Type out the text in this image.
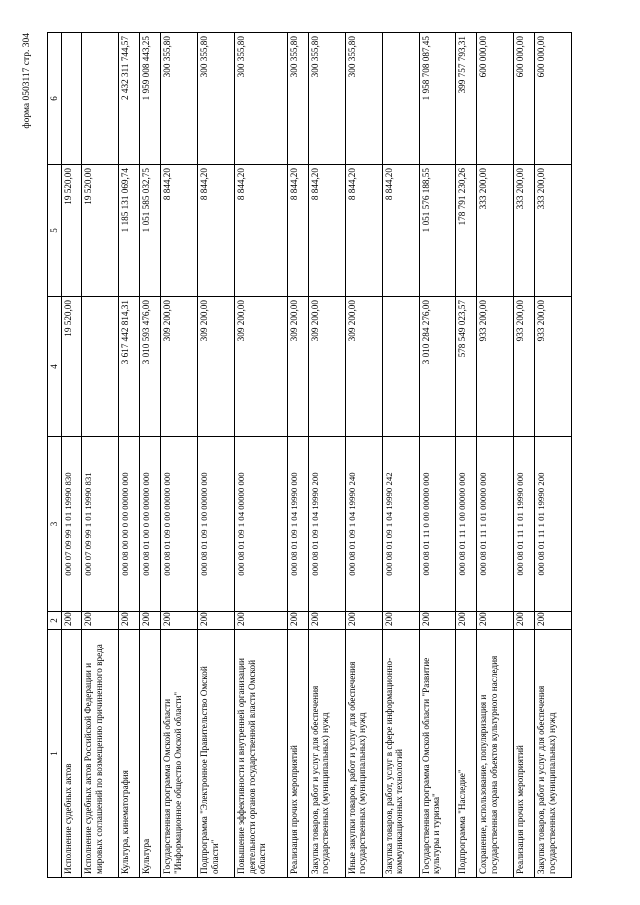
форма 0503117 стр. 304
1	2	3	4	5	6
Исполнение судебных актов	200	000 07 09 99 1 01 19990 830	19 520,00	19 520,00	
Исполнение судебных актов Российской Федерации и мировых соглашений по возмещению причиненного вреда	200	000 07 09 99 1 01 19990 831		19 520,00	
Культура, кинематография	200	000 08 00 00 0 00 00000 000	3 617 442 814,31	1 185 131 069,74	2 432 311 744,57
Культура	200	000 08 01 00 0 00 00000 000	3 010 593 476,00	1 051 585 032,75	1 959 008 443,25
Государственная программа Омской области "Информационное общество Омской области"	200	000 08 01 09 0 00 00000 000	309 200,00	8 844,20	300 355,80
Подпрограмма "Электронное Правительство Омской области"	200	000 08 01 09 1 00 00000 000	309 200,00	8 844,20	300 355,80
Повышение эффективности и внутренней организации деятельности органов государственной власти Омской области	200	000 08 01 09 1 04 00000 000	309 200,00	8 844,20	300 355,80
Реализация прочих мероприятий	200	000 08 01 09 1 04 19990 000	309 200,00	8 844,20	300 355,80
Закупка товаров, работ и услуг для обеспечения государственных (муниципальных) нужд	200	000 08 01 09 1 04 19990 200	309 200,00	8 844,20	300 355,80
Иные закупки товаров, работ и услуг для обеспечения государственных (муниципальных) нужд	200	000 08 01 09 1 04 19990 240	309 200,00	8 844,20	300 355,80
Закупка товаров, работ, услуг в сфере информационно-коммуникационных технологий	200	000 08 01 09 1 04 19990 242		8 844,20	
Государственная программа Омской области "Развитие культуры и туризма"	200	000 08 01 11 0 00 00000 000	3 010 284 276,00	1 051 576 188,55	1 958 708 087,45
Подпрограмма "Наследие"	200	000 08 01 11 1 00 00000 000	578 549 023,57	178 791 230,26	399 757 793,31
Сохранение, использование, популяризация и государственная охрана объектов культурного наследия	200	000 08 01 11 1 01 00000 000	933 200,00	333 200,00	600 000,00
Реализация прочих мероприятий	200	000 08 01 11 1 01 19990 000	933 200,00	333 200,00	600 000,00
Закупка товаров, работ и услуг для обеспечения государственных (муниципальных) нужд	200	000 08 01 11 1 01 19990 200	933 200,00	333 200,00	600 000,00
